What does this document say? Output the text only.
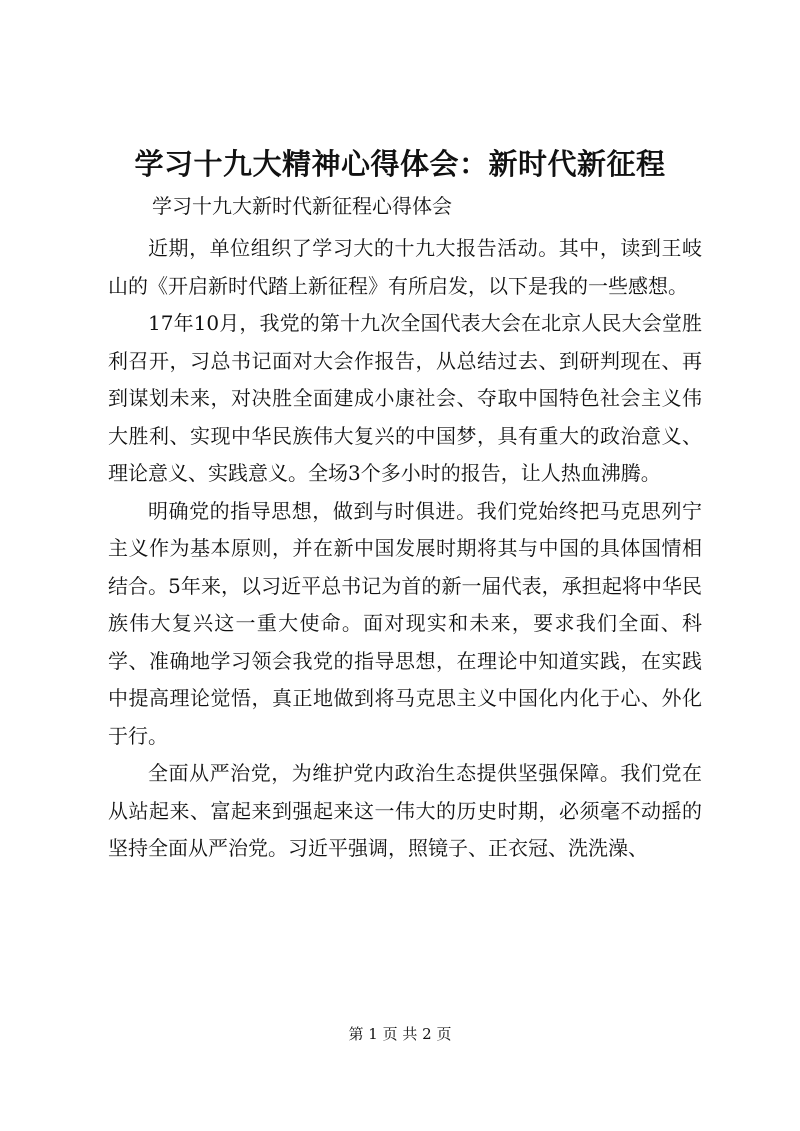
学习十九大精神心得体会：新时代新征程

学习十九大新时代新征程心得体会

近期，单位组织了学习大的十九大报告活动。其中，读到王岐山的《开启新时代踏上新征程》有所启发，以下是我的一些感想。

17年10月，我党的第十九次全国代表大会在北京人民大会堂胜利召开，习总书记面对大会作报告，从总结过去、到研判现在、再到谋划未来，对决胜全面建成小康社会、夺取中国特色社会主义伟大胜利、实现中华民族伟大复兴的中国梦，具有重大的政治意义、理论意义、实践意义。全场3个多小时的报告，让人热血沸腾。

明确党的指导思想，做到与时俱进。我们党始终把马克思列宁主义作为基本原则，并在新中国发展时期将其与中国的具体国情相结合。5年来，以习近平总书记为首的新一届代表，承担起将中华民族伟大复兴这一重大使命。面对现实和未来，要求我们全面、科学、准确地学习领会我党的指导思想，在理论中知道实践，在实践中提高理论觉悟，真正地做到将马克思主义中国化内化于心、外化于行。

全面从严治党，为维护党内政治生态提供坚强保障。我们党在从站起来、富起来到强起来这一伟大的历史时期，必须毫不动摇的坚持全面从严治党。习近平强调，照镜子、正衣冠、洗洗澡、

第 1 页 共 2 页
